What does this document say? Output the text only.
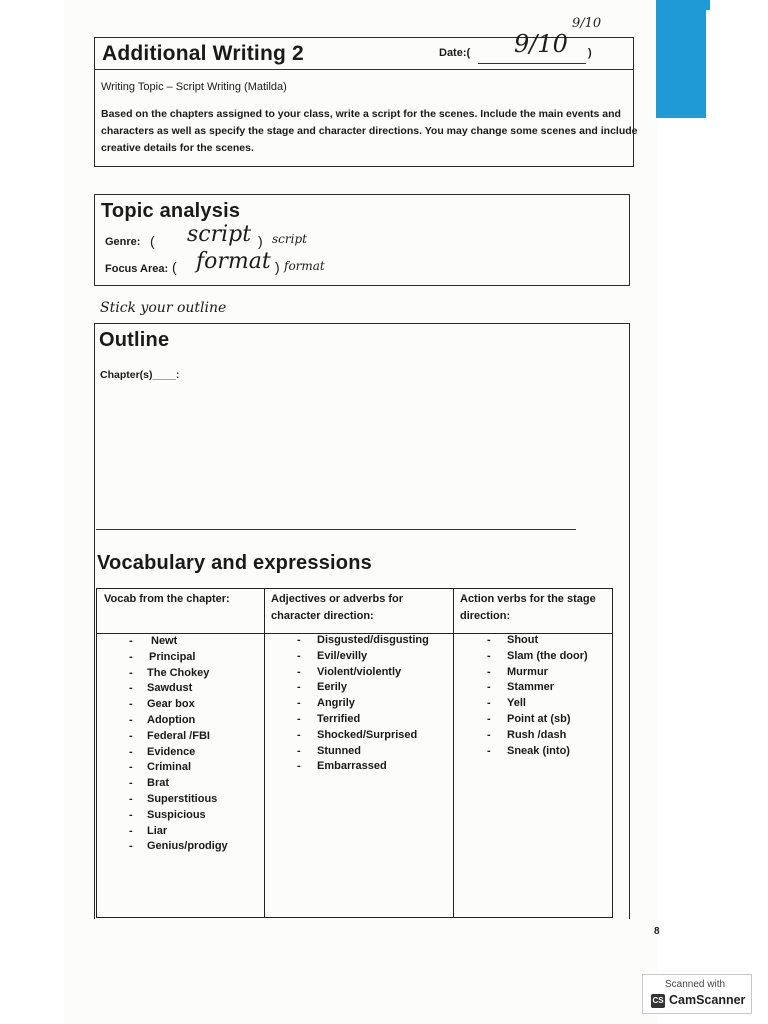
9/10
Additional Writing 2	Date:( 9/10 )
Writing Topic – Script Writing (Matilda)
Based on the chapters assigned to your class, write a script for the scenes. Include the main events and
characters as well as specify the stage and character directions. You may change some scenes and include
creative details for the scenes.
Topic analysis
Genre: ( script ) script
Focus Area: ( format ) format
Stick your outline
Outline
Chapter(s)____:
Vocabulary and expressions
Vocab from the chapter:	Adjectives or adverbs for character direction:
Action verbs for the stage direction:
- Newt
- Principal
- The Chokey
- Sawdust
- Gear box
- Adoption
- Federal /FBI
- Evidence
- Criminal
- Brat
- Superstitious
- Suspicious
- Liar
- Genius/prodigy
- Disgusted/disgusting
- Evil/evilly
- Violent/violently
- Eerily
- Angrily
- Terrified
- Shocked/Surprised
- Stunned
- Embarrassed
- Shout
- Slam (the door)
- Murmur
- Stammer
- Yell
- Point at (sb)
- Rush /dash
- Sneak (into)
8
Scanned with
CS CamScanner
